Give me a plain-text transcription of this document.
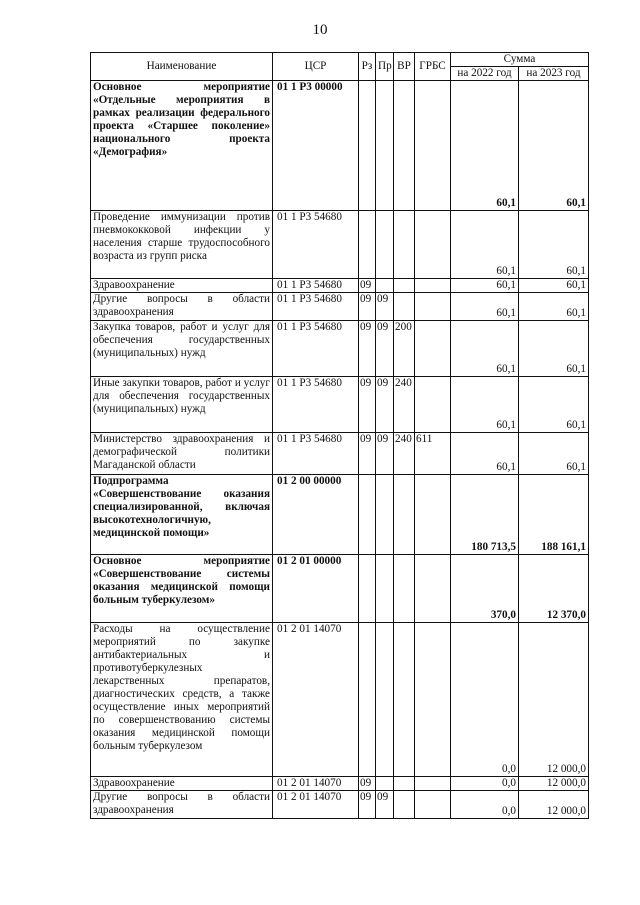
10
Наименование	ЦСР	Рз	Пр	ВР	ГРБС	Сумма	
						на 2022 год	на 2023 год
Основное мероприятие «Отдельные мероприятия в рамках реализации федерального проекта «Старшее поколение» национального проекта «Демография»	01 1 P3 00000					60,1	60,1
Проведение иммунизации против пневмококковой инфекции у населения старше трудоспособного возраста из групп риска	01 1 P3 54680					60,1	60,1
Здравоохранение	01 1 P3 54680	09				60,1	60,1
Другие вопросы в области здравоохранения	01 1 P3 54680	09	09			60,1	60,1
Закупка товаров, работ и услуг для обеспечения государственных (муниципальных) нужд	01 1 P3 54680	09	09	200		60,1	60,1
Иные закупки товаров, работ и услуг для обеспечения государственных (муниципальных) нужд	01 1 P3 54680	09	09	240		60,1	60,1
Министерство здравоохранения и демографической политики Магаданской области	01 1 P3 54680	09	09	240	611	60,1	60,1
Подпрограмма «Совершенствование оказания специализированной, включая высокотехнологичную, медицинской помощи»	01 2 00 00000					180 713,5	188 161,1
Основное мероприятие «Совершенствование системы оказания медицинской помощи больным туберкулезом»	01 2 01 00000					370,0	12 370,0
Расходы на осуществление мероприятий по закупке антибактериальных и противотуберкулезных лекарственных препаратов, диагностических средств, а также осуществление иных мероприятий по совершенствованию системы оказания медицинской помощи больным туберкулезом	01 2 01 14070					0,0	12 000,0
Здравоохранение	01 2 01 14070	09				0,0	12 000,0
Другие вопросы в области здравоохранения	01 2 01 14070	09	09			0,0	12 000,0
